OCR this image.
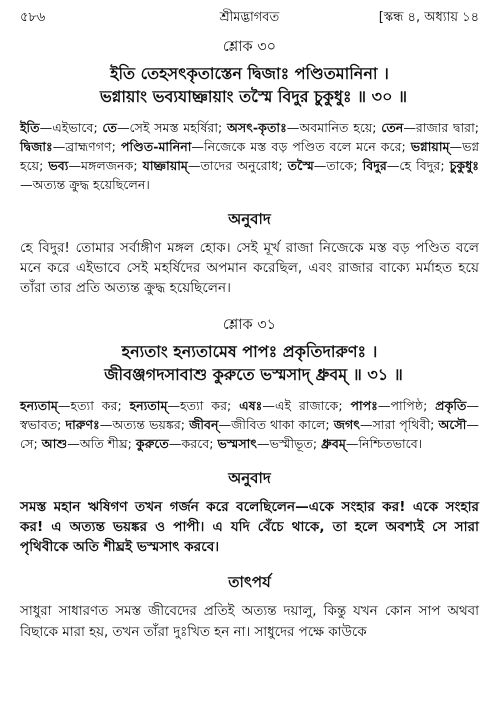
৫৮৬	শ্রীমদ্ভাগবত	[স্কন্ধ ৪, অধ্যায় ১৪
শ্লোক ৩০
ইতি তেহসৎকৃতাস্তেন দ্বিজাঃ পণ্ডিতমানিনা ।
ভগ্নায়াং ভব্যযাচ্ঞায়াং তস্মৈ বিদুর চুকুধুঃ ॥ ৩০ ॥
ইতি—এইভাবে; তে—সেই সমস্ত মহর্ষিরা; অসৎ-কৃতাঃ—অবমানিত হয়ে; তেন—রাজার দ্বারা; দ্বিজাঃ—ব্রাহ্মণগণ; পণ্ডিত-মানিনা—নিজেকে মস্ত বড় পণ্ডিত বলে মনে করে; ভগ্নায়াম্—ভগ্ন হয়ে; ভব্য—মঙ্গলজনক; যাচ্ঞায়াম্—তাদের অনুরোধ; তস্মৈ—তাকে; বিদুর—হে বিদুর; চুকুধুঃ—অত্যন্ত ক্রুদ্ধ হয়েছিলেন।
অনুবাদ
হে বিদুর! তোমার সর্বাঙ্গীণ মঙ্গল হোক। সেই মূর্খ রাজা নিজেকে মস্ত বড় পণ্ডিত বলে মনে করে এইভাবে সেই মহর্ষিদের অপমান করেছিল, এবং রাজার বাক্যে মর্মাহত হয়ে তাঁরা তার প্রতি অত্যন্ত ক্রুদ্ধ হয়েছিলেন।
শ্লোক ৩১
হন্যতাং হন্যতামেষ পাপঃ প্রকৃতিদারুণঃ ।
জীবঞ্জগদসাবাশু কুরুতে ভস্মসাদ্ ধ্রুবম্ ॥ ৩১ ॥
হন্যতাম্—হত্যা কর; হন্যতাম্—হত্যা কর; এষঃ—এই রাজাকে; পাপঃ—পাপিষ্ঠ; প্রকৃতি—স্বভাবত; দারুণঃ—অত্যন্ত ভয়ঙ্কর; জীবন্—জীবিত থাকা কালে; জগৎ—সারা পৃথিবী; অসৌ—সে; আশু—অতি শীঘ্র; কুরুতে—করবে; ভস্মসাৎ—ভস্মীভূত; ধ্রুবম্—নিশ্চিতভাবে।
অনুবাদ
সমস্ত মহান ঋষিগণ তখন গর্জন করে বলেছিলেন—একে সংহার কর! একে সংহার কর! এ অত্যন্ত ভয়ঙ্কর ও পাপী। এ যদি বেঁচে থাকে, তা হলে অবশ্যই সে সারা পৃথিবীকে অতি শীঘ্রই ভস্মসাৎ করবে।
তাৎপর্য
সাধুরা সাধারণত সমস্ত জীবেদের প্রতিই অত্যন্ত দয়ালু, কিন্তু যখন কোন সাপ অথবা বিছাকে মারা হয়, তখন তাঁরা দুঃখিত হন না। সাধুদের পক্ষে কাউকে
